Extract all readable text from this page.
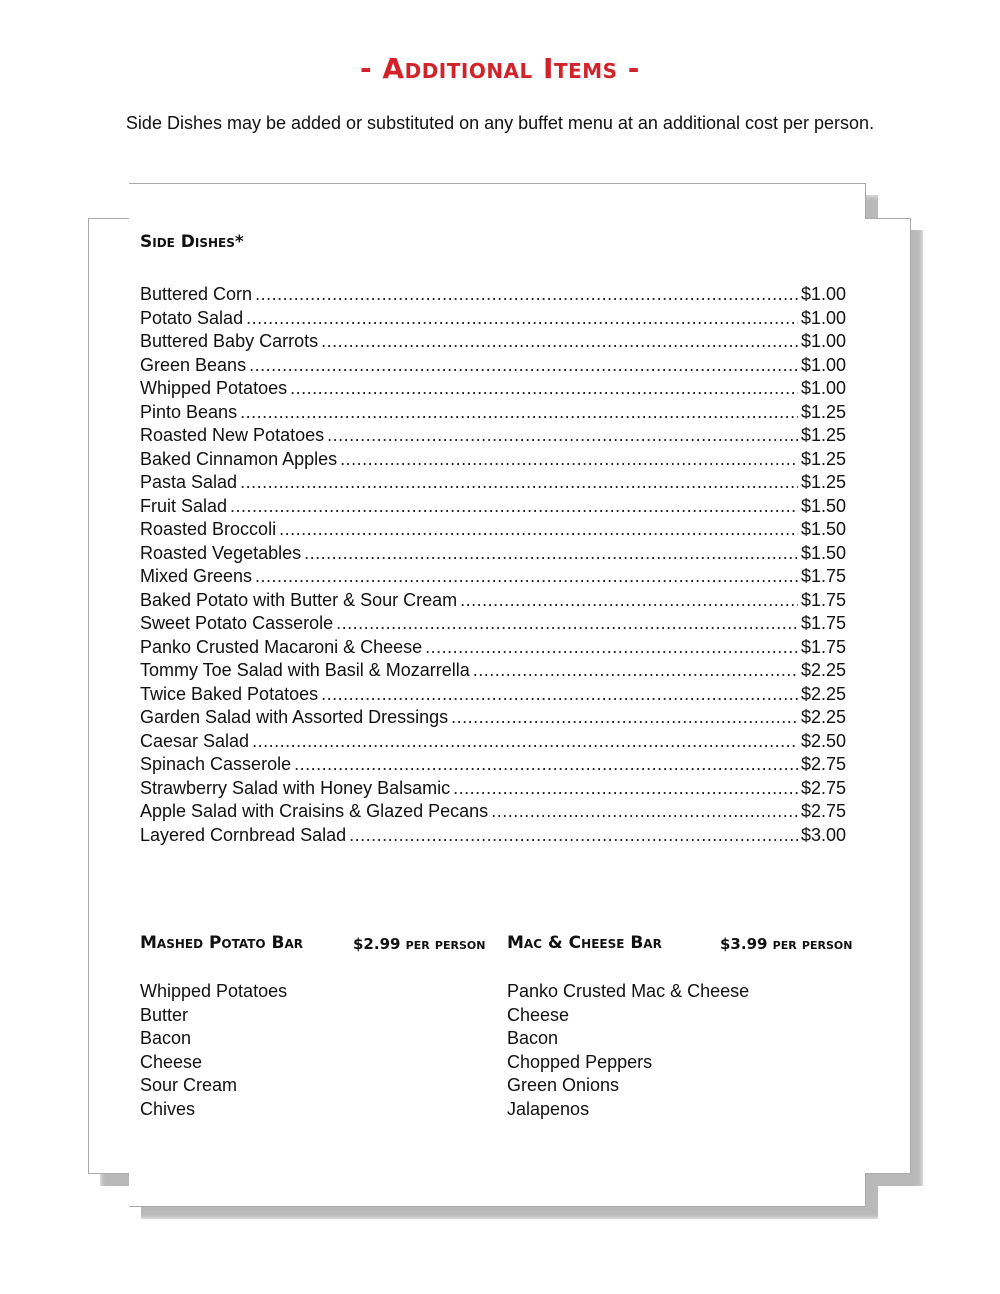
- Additional Items -

Side Dishes may be added or substituted on any buffet menu at an additional cost per person.

Side Dishes*
Buttered Corn .....	$1.00
Potato Salad .....	$1.00
Buttered Baby Carrots .....	$1.00
Green Beans .....	$1.00
Whipped Potatoes .....	$1.00
Pinto Beans .....	$1.25
Roasted New Potatoes .....	$1.25
Baked Cinnamon Apples .....	$1.25
Pasta Salad .....	$1.25
Fruit Salad .....	$1.50
Roasted Broccoli .....	$1.50
Roasted Vegetables .....	$1.50
Mixed Greens .....	$1.75
Baked Potato with Butter & Sour Cream .....	$1.75
Sweet Potato Casserole .....	$1.75
Panko Crusted Macaroni & Cheese .....	$1.75
Tommy Toe Salad with Basil & Mozarrella .....	$2.25
Twice Baked Potatoes .....	$2.25
Garden Salad with Assorted Dressings .....	$2.25
Caesar Salad .....	$2.50
Spinach Casserole .....	$2.75
Strawberry Salad with Honey Balsamic .....	$2.75
Apple Salad with Craisins & Glazed Pecans .....	$2.75
Layered Cornbread Salad .....	$3.00
Mashed Potato Bar	$2.99 per person Mac & Cheese Bar	$3.99 per person
Whipped Potatoes
Butter
Bacon
Cheese
Sour Cream
Chives
Panko Crusted Mac & Cheese
Cheese
Bacon
Chopped Peppers
Green Onions
Jalapenos
